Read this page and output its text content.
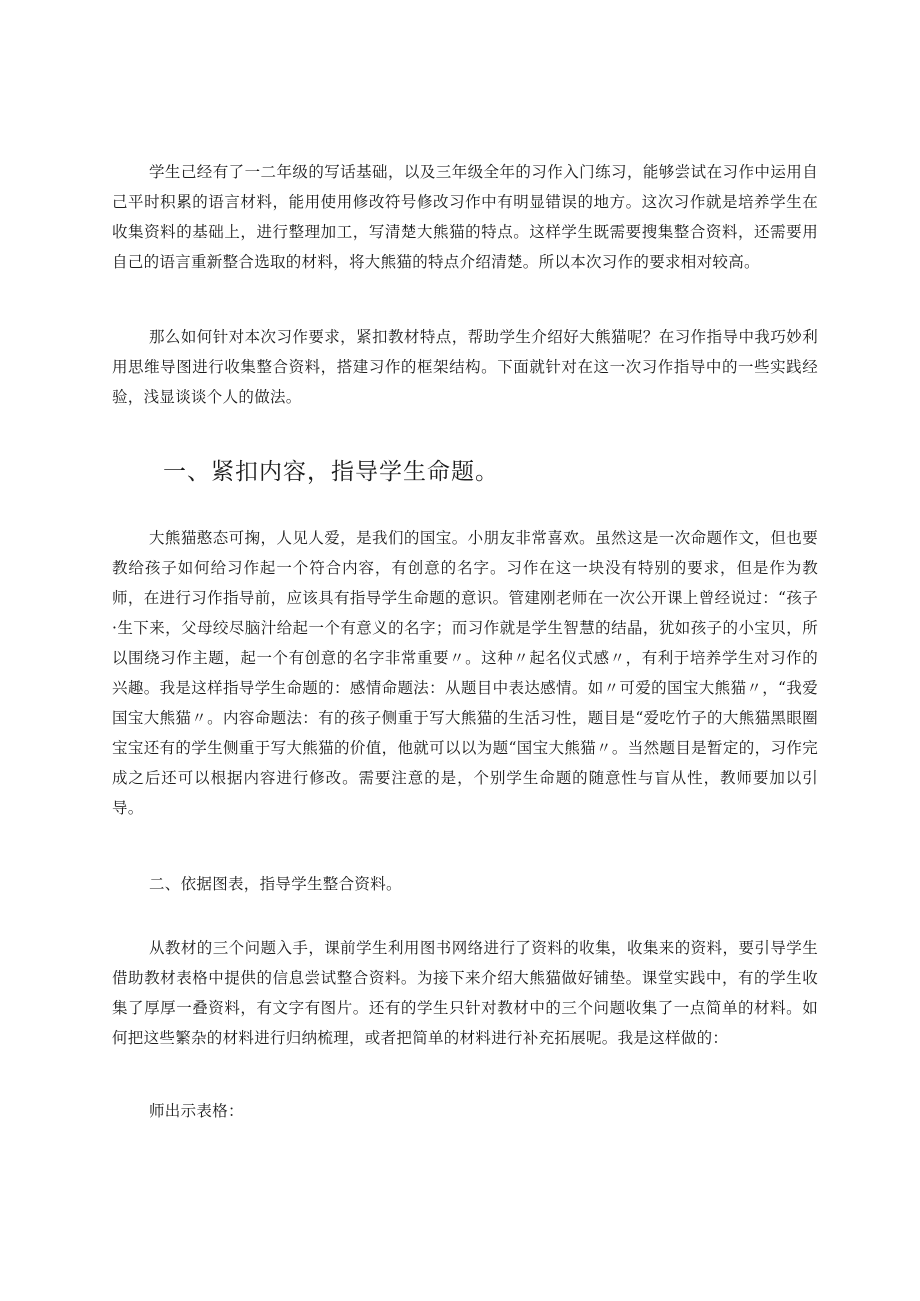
学生己经有了一二年级的写话基础，以及三年级全年的习作入门练习，能够尝试在习作中运用自己平时积累的语言材料，能用使用修改符号修改习作中有明显错误的地方。这次习作就是培养学生在收集资料的基础上，进行整理加工，写清楚大熊猫的特点。这样学生既需要搜集整合资料，还需要用自己的语言重新整合选取的材料，将大熊猫的特点介绍清楚。所以本次习作的要求相对较高。

那么如何针对本次习作要求，紧扣教材特点，帮助学生介绍好大熊猫呢？在习作指导中我巧妙利用思维导图进行收集整合资料，搭建习作的框架结构。下面就针对在这一次习作指导中的一些实践经验，浅显谈谈个人的做法。

一、紧扣内容，指导学生命题。

大熊猫憨态可掬，人见人爱，是我们的国宝。小朋友非常喜欢。虽然这是一次命题作文，但也要教给孩子如何给习作起一个符合内容，有创意的名字。习作在这一块没有特别的要求，但是作为教师，在进行习作指导前，应该具有指导学生命题的意识。管建刚老师在一次公开课上曾经说过：“孩子·生下来，父母绞尽脑汁给起一个有意义的名字；而习作就是学生智慧的结晶，犹如孩子的小宝贝，所以围绕习作主题，起一个有创意的名字非常重要〃。这种〃起名仪式感〃，有利于培养学生对习作的兴趣。我是这样指导学生命题的：感情命题法：从题目中表达感情。如〃可爱的国宝大熊猫〃，“我爱国宝大熊猫〃。内容命题法：有的孩子侧重于写大熊猫的生活习性，题目是“爱吃竹子的大熊猫黑眼圈宝宝还有的学生侧重于写大熊猫的价值，他就可以以为题“国宝大熊猫〃。当然题目是暂定的，习作完成之后还可以根据内容进行修改。需要注意的是，个别学生命题的随意性与盲从性，教师要加以引导。

二、依据图表，指导学生整合资料。

从教材的三个问题入手，课前学生利用图书网络进行了资料的收集，收集来的资料，要引导学生借助教材表格中提供的信息尝试整合资料。为接下来介绍大熊猫做好铺垫。课堂实践中，有的学生收集了厚厚一叠资料，有文字有图片。还有的学生只针对教材中的三个问题收集了一点简单的材料。如何把这些繁杂的材料进行归纳梳理，或者把简单的材料进行补充拓展呢。我是这样做的：

师出示表格：
